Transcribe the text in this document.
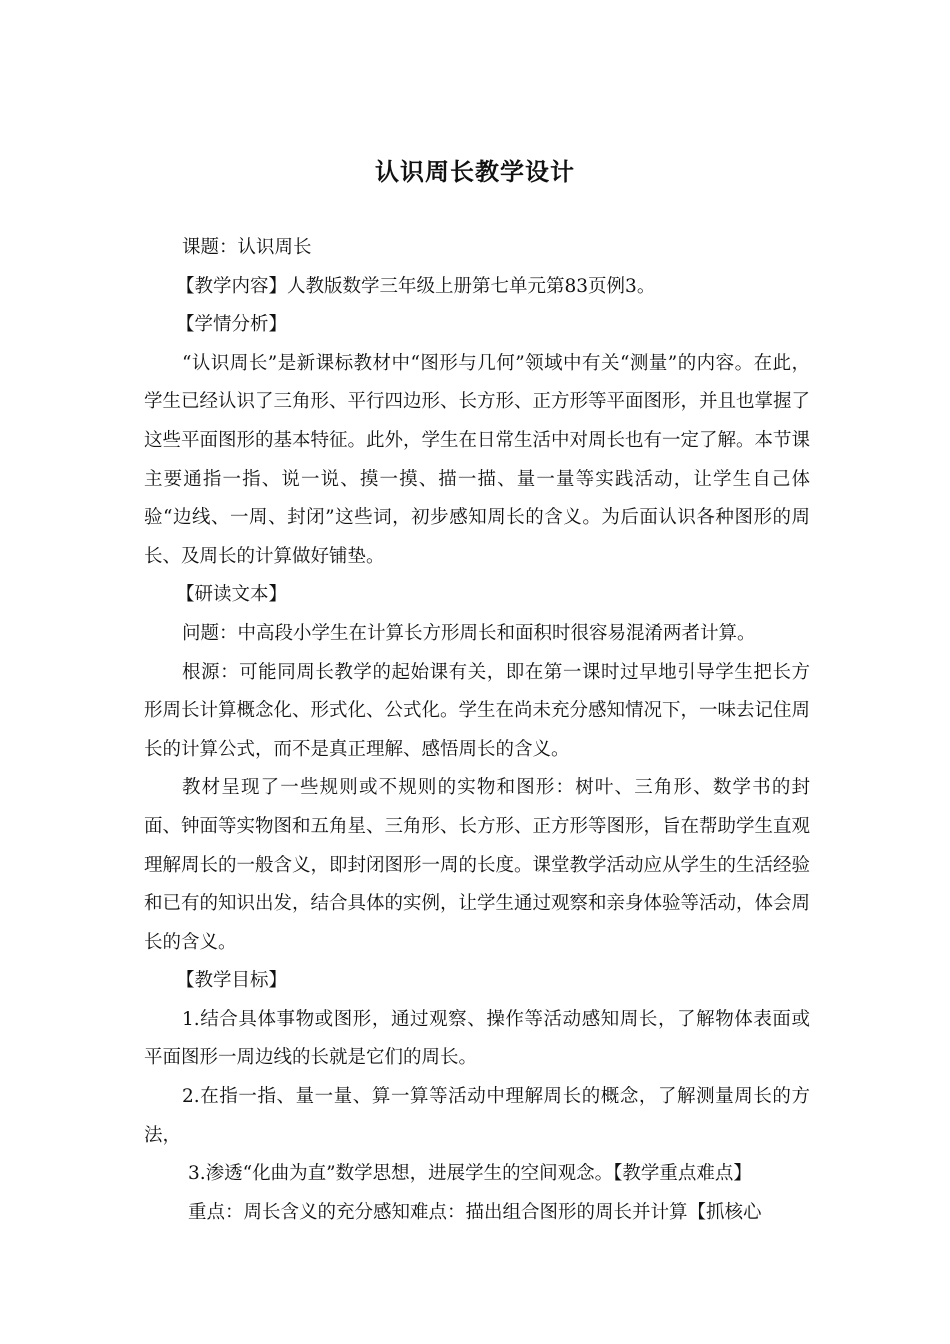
认识周长教学设计

课题：认识周长

【教学内容】人教版数学三年级上册第七单元第83页例3。

【学情分析】

“认识周长”是新课标教材中“图形与几何”领域中有关“测量”的内容。在此，学生已经认识了三角形、平行四边形、长方形、正方形等平面图形，并且也掌握了这些平面图形的基本特征。此外，学生在日常生活中对周长也有一定了解。本节课主要通指一指、说一说、摸一摸、描一描、量一量等实践活动，让学生自己体验“边线、一周、封闭”这些词，初步感知周长的含义。为后面认识各种图形的周长、及周长的计算做好铺垫。

【研读文本】

问题：中高段小学生在计算长方形周长和面积时很容易混淆两者计算。

根源：可能同周长教学的起始课有关，即在第一课时过早地引导学生把长方形周长计算概念化、形式化、公式化。学生在尚未充分感知情况下，一味去记住周长的计算公式，而不是真正理解、感悟周长的含义。

教材呈现了一些规则或不规则的实物和图形：树叶、三角形、数学书的封面、钟面等实物图和五角星、三角形、长方形、正方形等图形，旨在帮助学生直观理解周长的一般含义，即封闭图形一周的长度。课堂教学活动应从学生的生活经验和已有的知识出发，结合具体的实例，让学生通过观察和亲身体验等活动，体会周长的含义。

【教学目标】

1.结合具体事物或图形，通过观察、操作等活动感知周长，了解物体表面或平面图形一周边线的长就是它们的周长。

2.在指一指、量一量、算一算等活动中理解周长的概念，了解测量周长的方法，

3.渗透“化曲为直”数学思想，进展学生的空间观念。【教学重点难点】

重点：周长含义的充分感知难点：描出组合图形的周长并计算【抓核心
